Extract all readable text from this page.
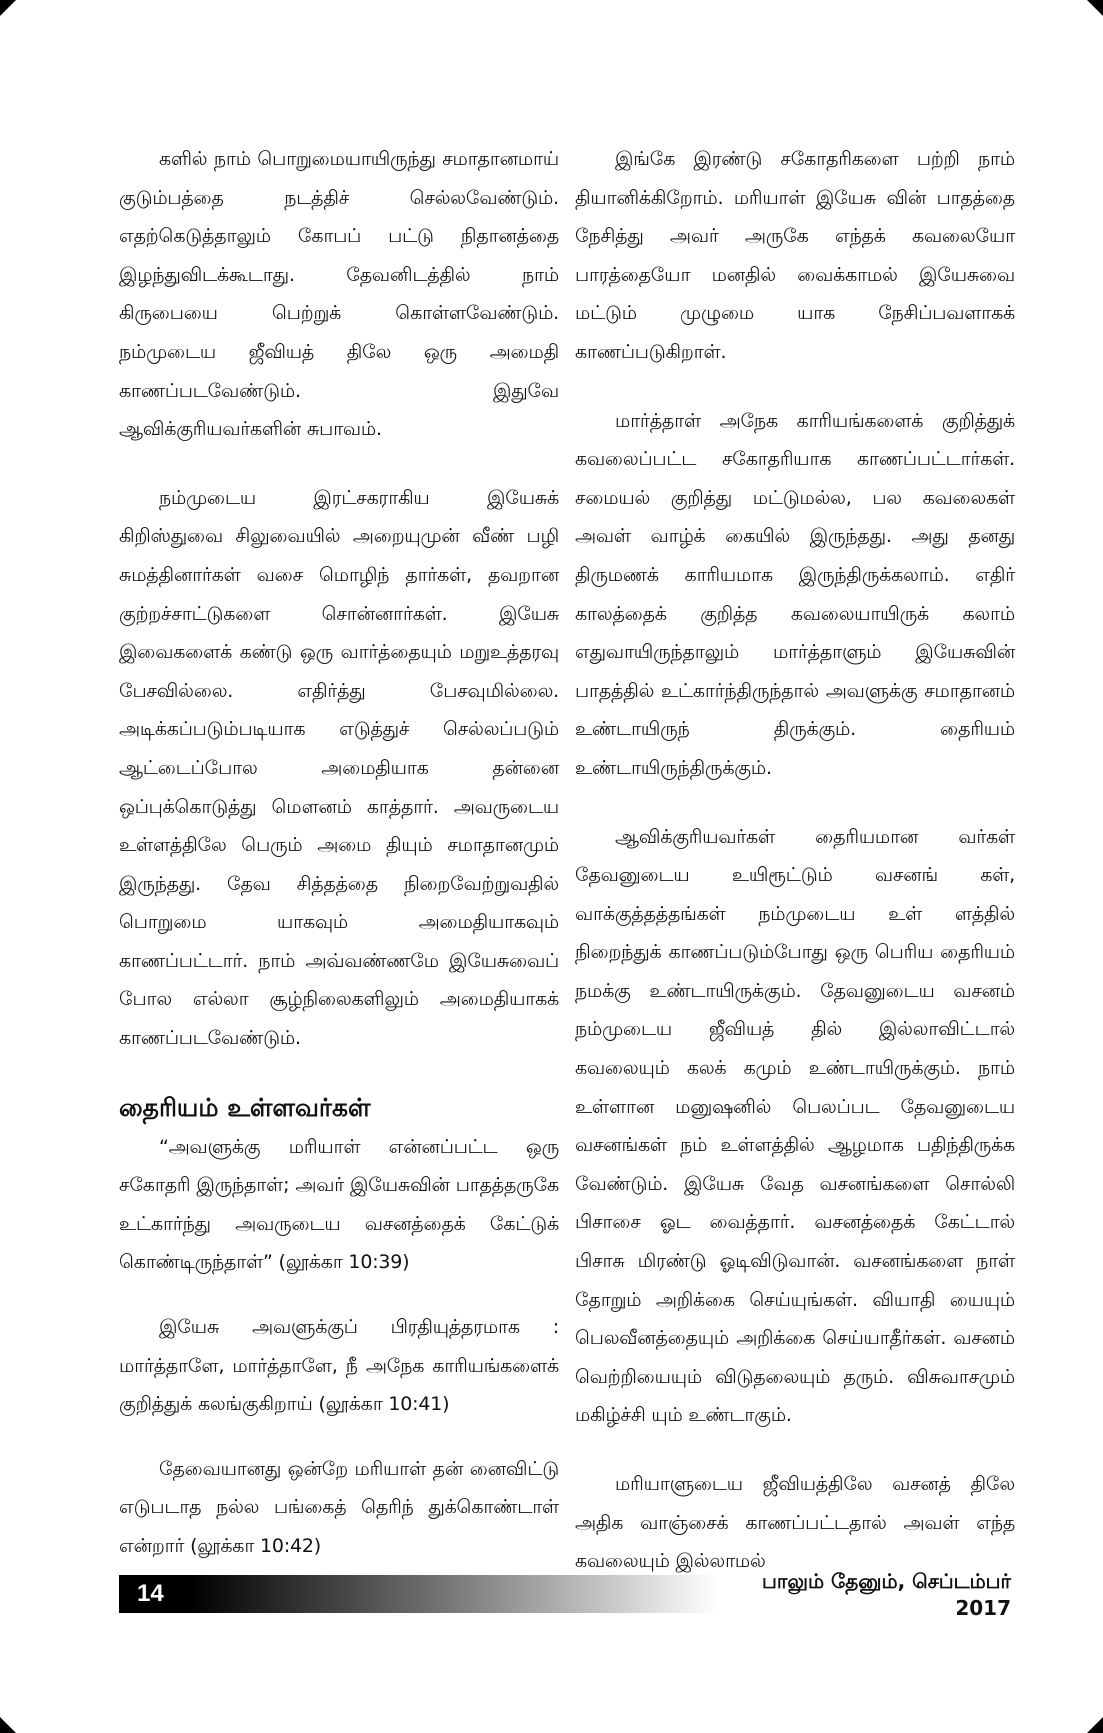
களில் நாம் பொறுமையாயிருந்து சமாதானமாய் குடும்பத்தை நடத்திச் செல்லவேண்டும். எதற்கெடுத்தாலும் கோபப் பட்டு நிதானத்தை இழந்துவிடக்கூடாது. தேவனிடத்தில் நாம் கிருபையை பெற்றுக் கொள்ளவேண்டும். நம்முடைய ஜீவியத் திலே ஒரு அமைதி காணப்படவேண்டும். இதுவே ஆவிக்குரியவர்களின் சுபாவம்.

நம்முடைய இரட்சகராகிய இயேசுக் கிறிஸ்துவை சிலுவையில் அறையுமுன் வீண் பழி சுமத்தினார்கள் வசை மொழிந் தார்கள், தவறான குற்றச்சாட்டுகளை சொன்னார்கள். இயேசு இவைகளைக் கண்டு ஒரு வார்த்தையும் மறுஉத்தரவு பேசவில்லை. எதிர்த்து பேசவுமில்லை. அடிக்கப்படும்படியாக எடுத்துச் செல்லப்படும் ஆட்டைப்போல அமைதியாக தன்னை ஒப்புக்கொடுத்து மௌனம் காத்தார். அவருடைய உள்ளத்திலே பெரும் அமை தியும் சமாதானமும் இருந்தது. தேவ சித்தத்தை நிறைவேற்றுவதில் பொறுமை யாகவும் அமைதியாகவும் காணப்பட்டார். நாம் அவ்வண்ணமே இயேசுவைப் போல எல்லா சூழ்நிலைகளிலும் அமைதியாகக் காணப்படவேண்டும்.

தைரியம் உள்ளவர்கள்

“அவளுக்கு மரியாள் என்னப்பட்ட ஒரு சகோதரி இருந்தாள்; அவர் இயேசுவின் பாதத்தருகே உட்கார்ந்து அவருடைய வசனத்தைக் கேட்டுக் கொண்டிருந்தாள்” (லூக்கா 10:39)

இயேசு அவளுக்குப் பிரதியுத்தரமாக : மார்த்தாளே, மார்த்தாளே, நீ அநேக காரியங்களைக் குறித்துக் கலங்குகிறாய் (லூக்கா 10:41)

தேவையானது ஒன்றே மரியாள் தன் னைவிட்டு எடுபடாத நல்ல பங்கைத் தெரிந் துக்கொண்டாள் என்றார் (லூக்கா 10:42)

இங்கே இரண்டு சகோதரிகளை பற்றி நாம் தியானிக்கிறோம். மரியாள் இயேசு வின் பாதத்தை நேசித்து அவர் அருகே எந்தக் கவலையோ பாரத்தையோ மனதில் வைக்காமல் இயேசுவை மட்டும் முழுமை யாக நேசிப்பவளாகக் காணப்படுகிறாள்.

மார்த்தாள் அநேக காரியங்களைக் குறித்துக் கவலைப்பட்ட சகோதரியாக காணப்பட்டார்கள். சமையல் குறித்து மட்டுமல்ல, பல கவலைகள் அவள் வாழ்க் கையில் இருந்தது. அது தனது திருமணக் காரியமாக இருந்திருக்கலாம். எதிர் காலத்தைக் குறித்த கவலையாயிருக் கலாம் எதுவாயிருந்தாலும் மார்த்தாளும் இயேசுவின் பாதத்தில் உட்கார்ந்திருந்தால் அவளுக்கு சமாதானம் உண்டாயிருந் திருக்கும். தைரியம் உண்டாயிருந்திருக்கும்.

ஆவிக்குரியவர்கள் தைரியமான வர்கள் தேவனுடைய உயிரூட்டும் வசனங் கள், வாக்குத்தத்தங்கள் நம்முடைய உள் ளத்தில் நிறைந்துக் காணப்படும்போது ஒரு பெரிய தைரியம் நமக்கு உண்டாயிருக்கும். தேவனுடைய வசனம் நம்முடைய ஜீவியத் தில் இல்லாவிட்டால் கவலையும் கலக் கமும் உண்டாயிருக்கும். நாம் உள்ளான மனுஷனில் பெலப்பட தேவனுடைய வசனங்கள் நம் உள்ளத்தில் ஆழமாக பதிந்திருக்க வேண்டும். இயேசு வேத வசனங்களை சொல்லி பிசாசை ஓட வைத்தார். வசனத்தைக் கேட்டால் பிசாசு மிரண்டு ஓடிவிடுவான். வசனங்களை நாள் தோறும் அறிக்கை செய்யுங்கள். வியாதி யையும் பெலவீனத்தையும் அறிக்கை செய்யாதீர்கள். வசனம் வெற்றியையும் விடுதலையும் தரும். விசுவாசமும் மகிழ்ச்சி யும் உண்டாகும்.

மரியாளுடைய ஜீவியத்திலே வசனத் திலே அதிக வாஞ்சைக் காணப்பட்டதால் அவள் எந்த கவலையும் இல்லாமல்

14	பாலும் தேனும், செப்டம்பர் 2017
